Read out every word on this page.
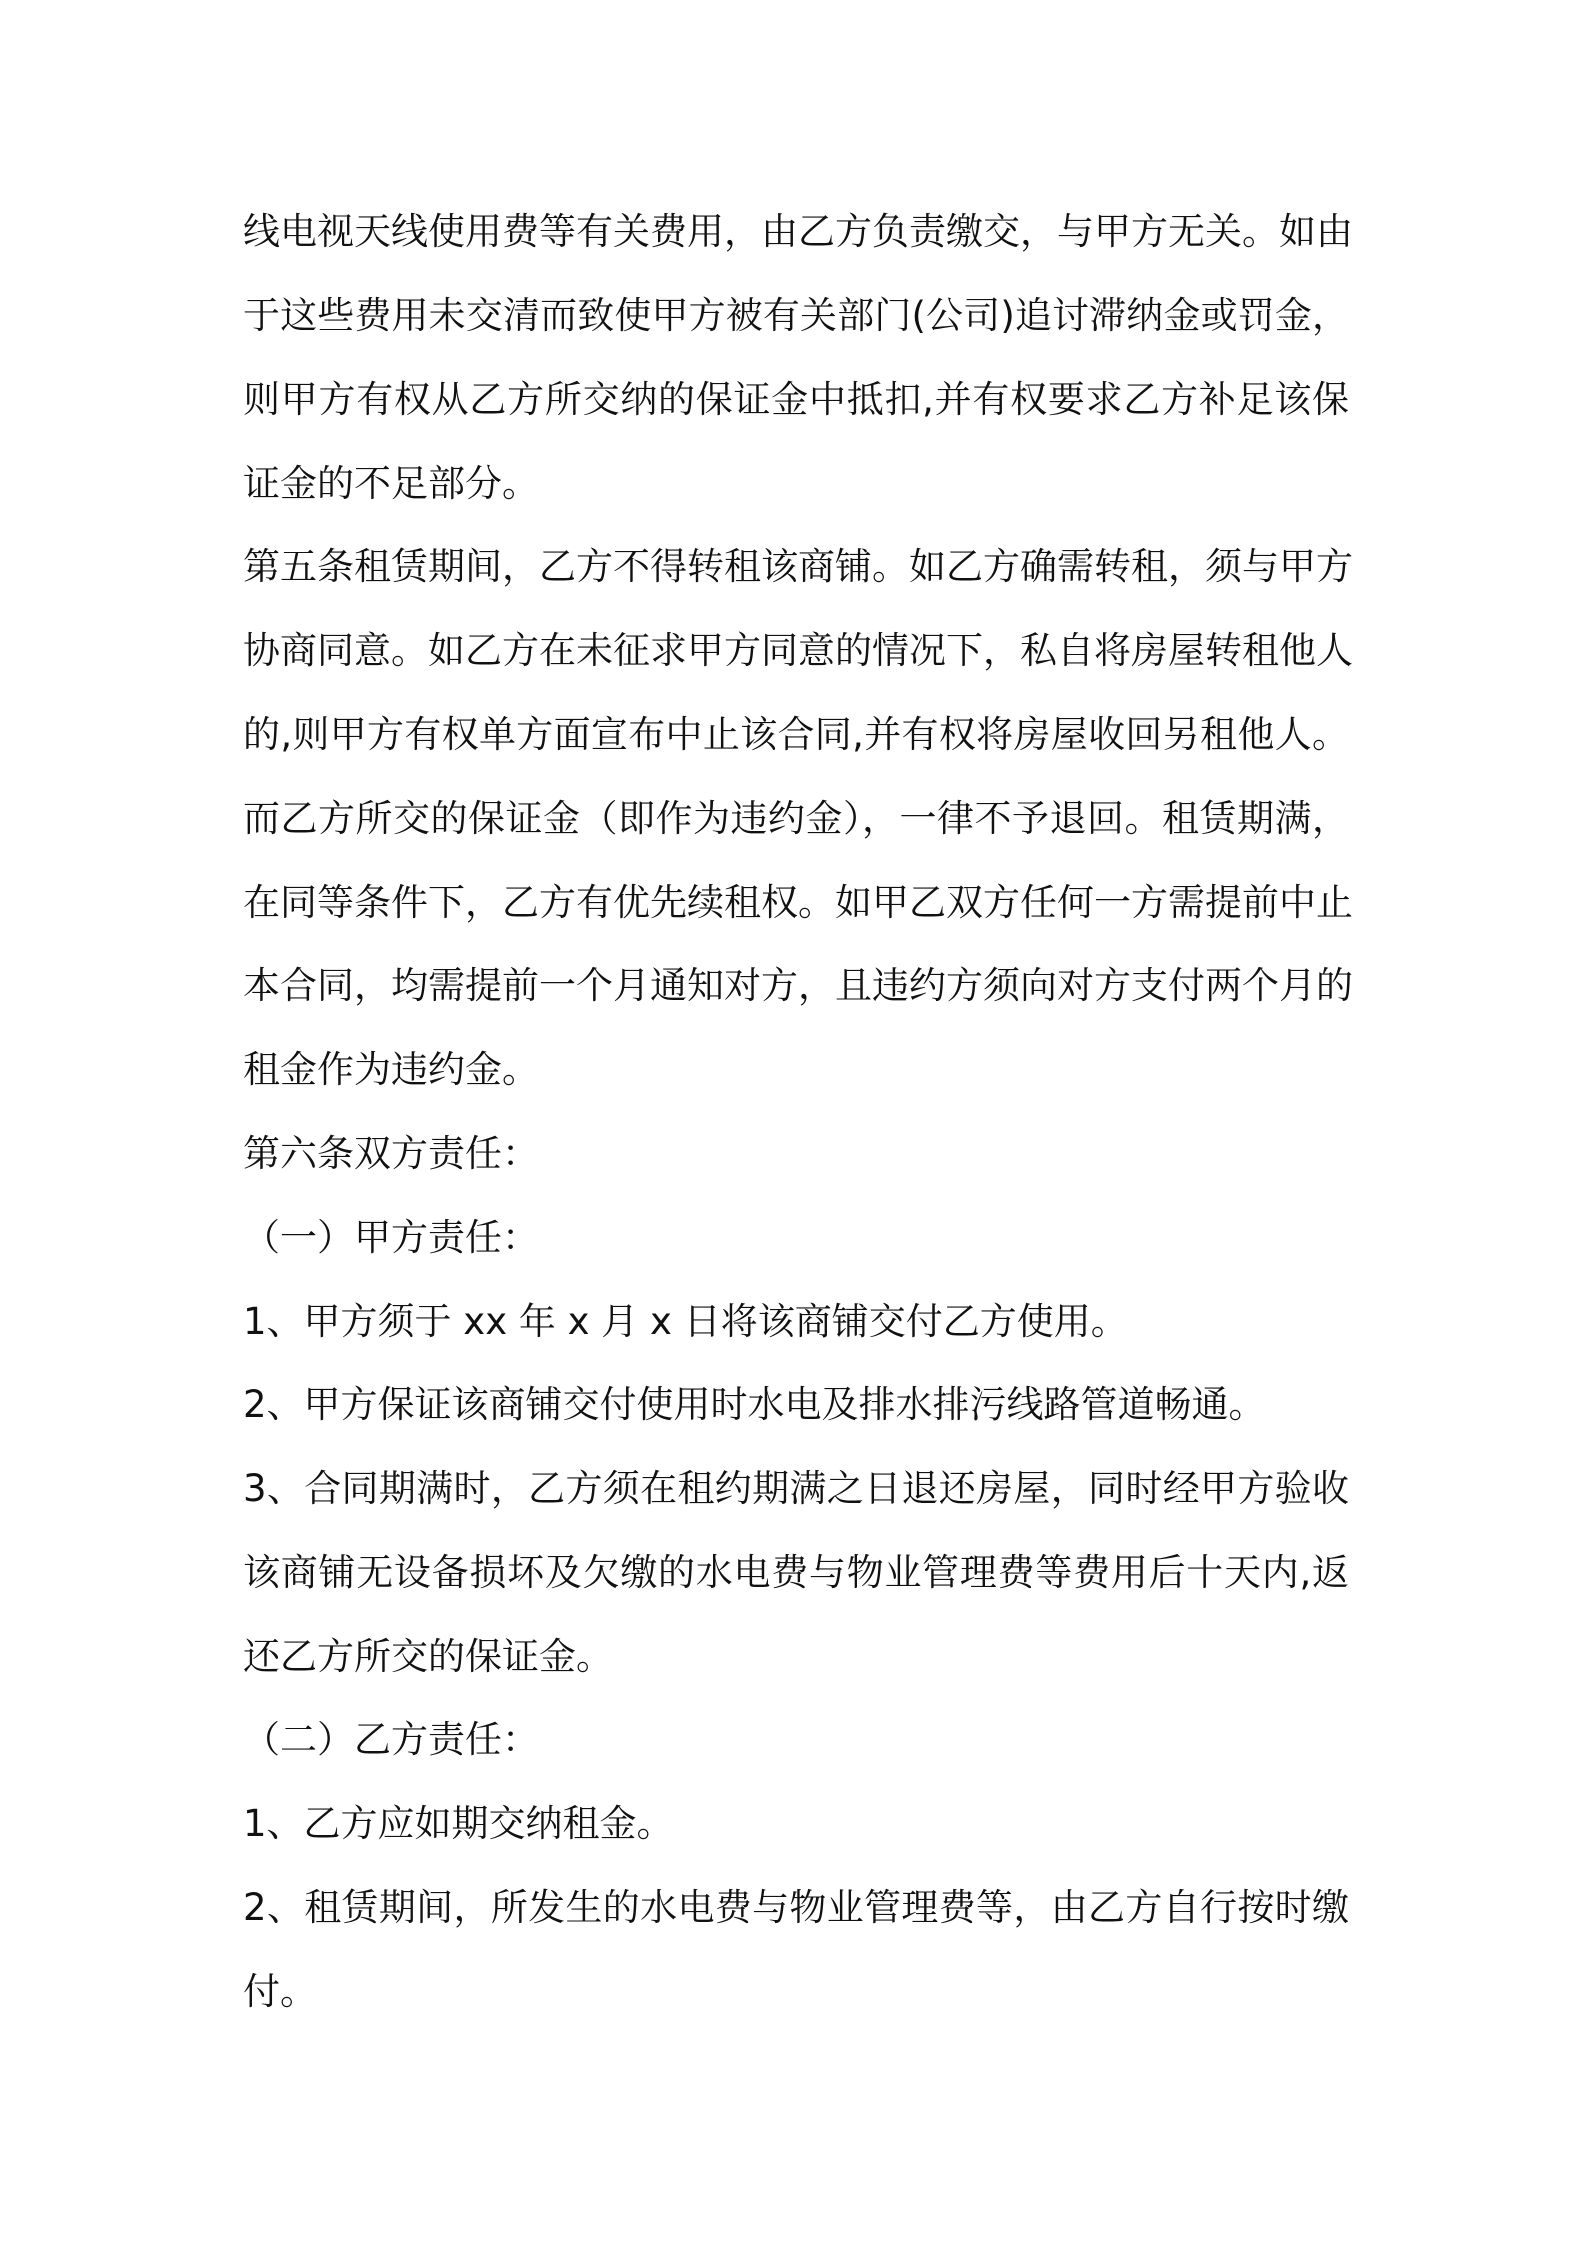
线电视天线使用费等有关费用，由乙方负责缴交，与甲方无关。如由
于这些费用未交清而致使甲方被有关部门(公司)追讨滞纳金或罚金，
则甲方有权从乙方所交纳的保证金中抵扣,并有权要求乙方补足该保
证金的不足部分。
第五条租赁期间，乙方不得转租该商铺。如乙方确需转租，须与甲方
协商同意。如乙方在未征求甲方同意的情况下，私自将房屋转租他人
的,则甲方有权单方面宣布中止该合同,并有权将房屋收回另租他人。
而乙方所交的保证金（即作为违约金），一律不予退回。租赁期满，
在同等条件下，乙方有优先续租权。如甲乙双方任何一方需提前中止
本合同，均需提前一个月通知对方，且违约方须向对方支付两个月的
租金作为违约金。
第六条双方责任：
（一）甲方责任：
1、甲方须于 xx 年 x 月 x 日将该商铺交付乙方使用。
2、甲方保证该商铺交付使用时水电及排水排污线路管道畅通。
3、合同期满时，乙方须在租约期满之日退还房屋，同时经甲方验收
该商铺无设备损坏及欠缴的水电费与物业管理费等费用后十天内,返
还乙方所交的保证金。
（二）乙方责任：
1、乙方应如期交纳租金。
2、租赁期间，所发生的水电费与物业管理费等，由乙方自行按时缴
付。
